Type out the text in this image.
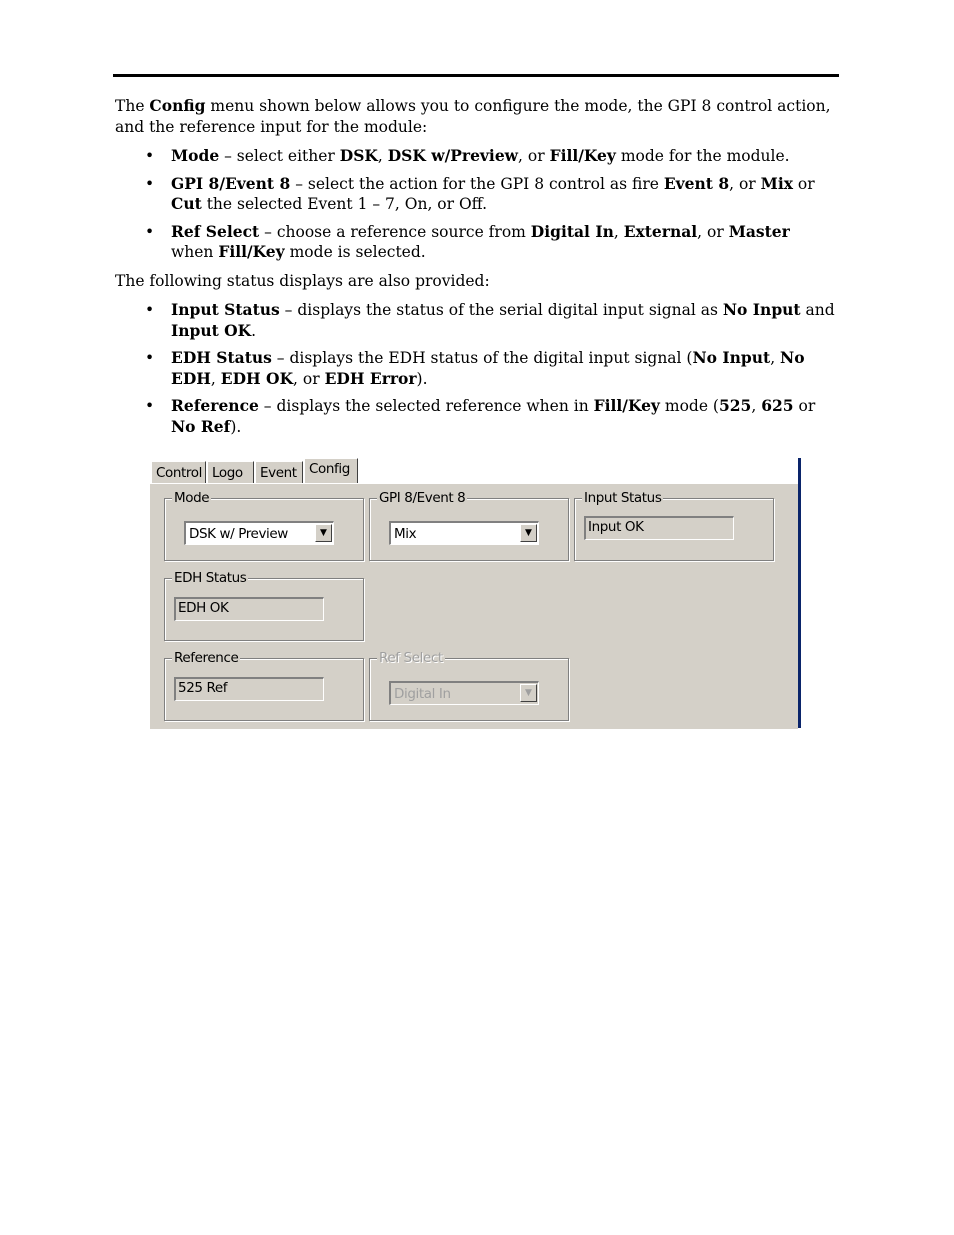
The Config menu shown below allows you to configure the mode, the GPI 8 control action, and the reference input for the module:

• Mode – select either DSK, DSK w/Preview, or Fill/Key mode for the module.
• GPI 8/Event 8 – select the action for the GPI 8 control as fire Event 8, or Mix or Cut the selected Event 1 – 7, On, or Off.
• Ref Select – choose a reference source from Digital In, External, or Master when Fill/Key mode is selected.

The following status displays are also provided:

• Input Status – displays the status of the serial digital input signal as No Input and Input OK.
• EDH Status – displays the EDH status of the digital input signal (No Input, No EDH, EDH OK, or EDH Error).
• Reference – displays the selected reference when in Fill/Key mode (525, 625 or No Ref).
Control Logo	Event Config
Mode
DSK w/ Preview	▼
GPI 8/Event 8
Mix	▼
Input Status
Input OK
EDH Status
EDH OK
Reference
525 Ref
Ref Select
Digital In	▼
